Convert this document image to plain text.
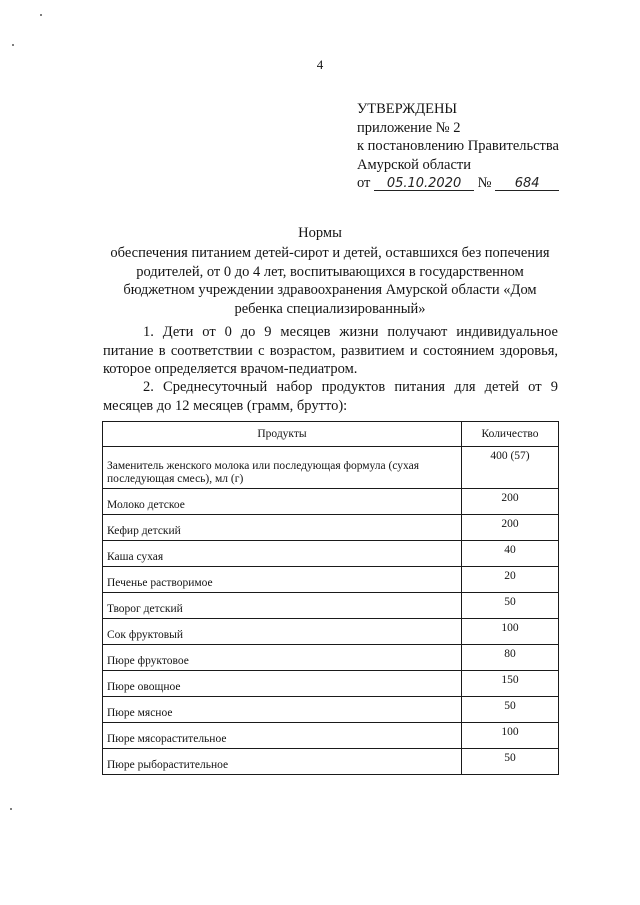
4
УТВЕРЖДЕНЫ
приложение № 2
к постановлению Правительства
Амурской области
от 05.10.2020 № 684
Нормы
обеспечения питанием детей-сирот и детей, оставшихся без попечения родителей, от 0 до 4 лет, воспитывающихся в государственном бюджетном учреждении здравоохранения Амурской области «Дом ребенка специализированный»
1. Дети от 0 до 9 месяцев жизни получают индивидуальное питание в соответствии с возрастом, развитием и состоянием здоровья, которое определяется врачом-педиатром.
2. Среднесуточный набор продуктов питания для детей от 9 месяцев до 12 месяцев (грамм, брутто):
Продукты	Количество
Заменитель женского молока или последующая формула (сухая последующая смесь), мл (г)	400 (57)
Молоко детское	200
Кефир детский	200
Каша сухая	40
Печенье растворимое	20
Творог детский	50
Сок фруктовый	100
Пюре фруктовое	80
Пюре овощное	150
Пюре мясное	50
Пюре мясорастительное	100
Пюре рыборастительное	50
